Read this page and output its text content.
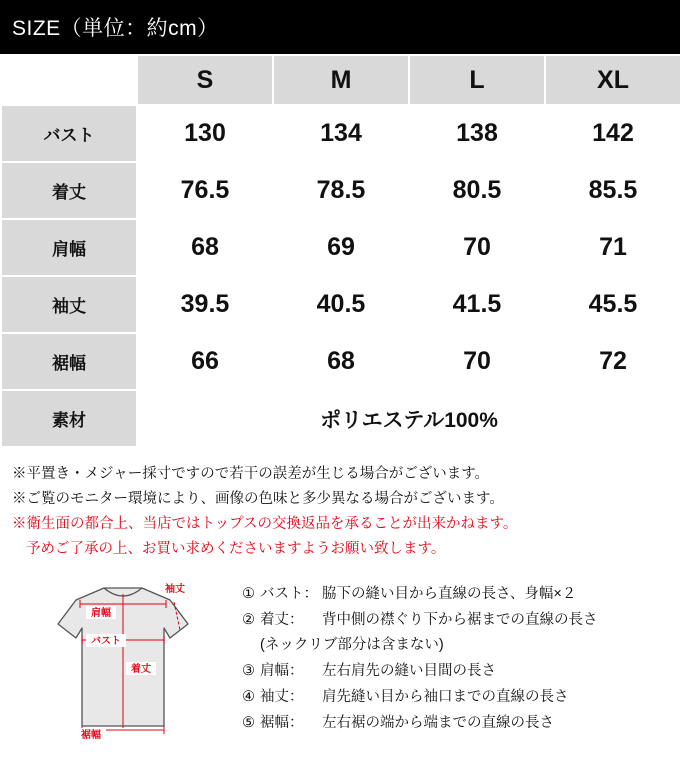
SIZE（単位：約cm）
	S	M	L	XL
バスト	130	134	138	142
着丈	76.5	78.5	80.5	85.5
肩幅	68	69	70	71
袖丈	39.5	40.5	41.5	45.5
裾幅	66	68	70	72
素材	ポリエステル100%			
※平置き・メジャー採寸ですので若干の誤差が生じる場合がございます。
※ご覧のモニター環境により、画像の色味と多少異なる場合がございます。
※衛生面の都合上、当店ではトップスの交換返品を承ることが出来かねます。
予めご了承の上、お買い求めくださいますようお願い致します。
袖丈
肩幅
バスト
着丈
裾幅
① バスト： 脇下の縫い目から直線の長さ、身幅×２
② 着丈：	背中側の襟ぐり下から裾までの直線の長さ
(ネックリブ部分は含まない)
③ 肩幅：	左右肩先の縫い目間の長さ
④ 袖丈：	肩先縫い目から袖口までの直線の長さ
⑤ 裾幅：	左右裾の端から端までの直線の長さ
